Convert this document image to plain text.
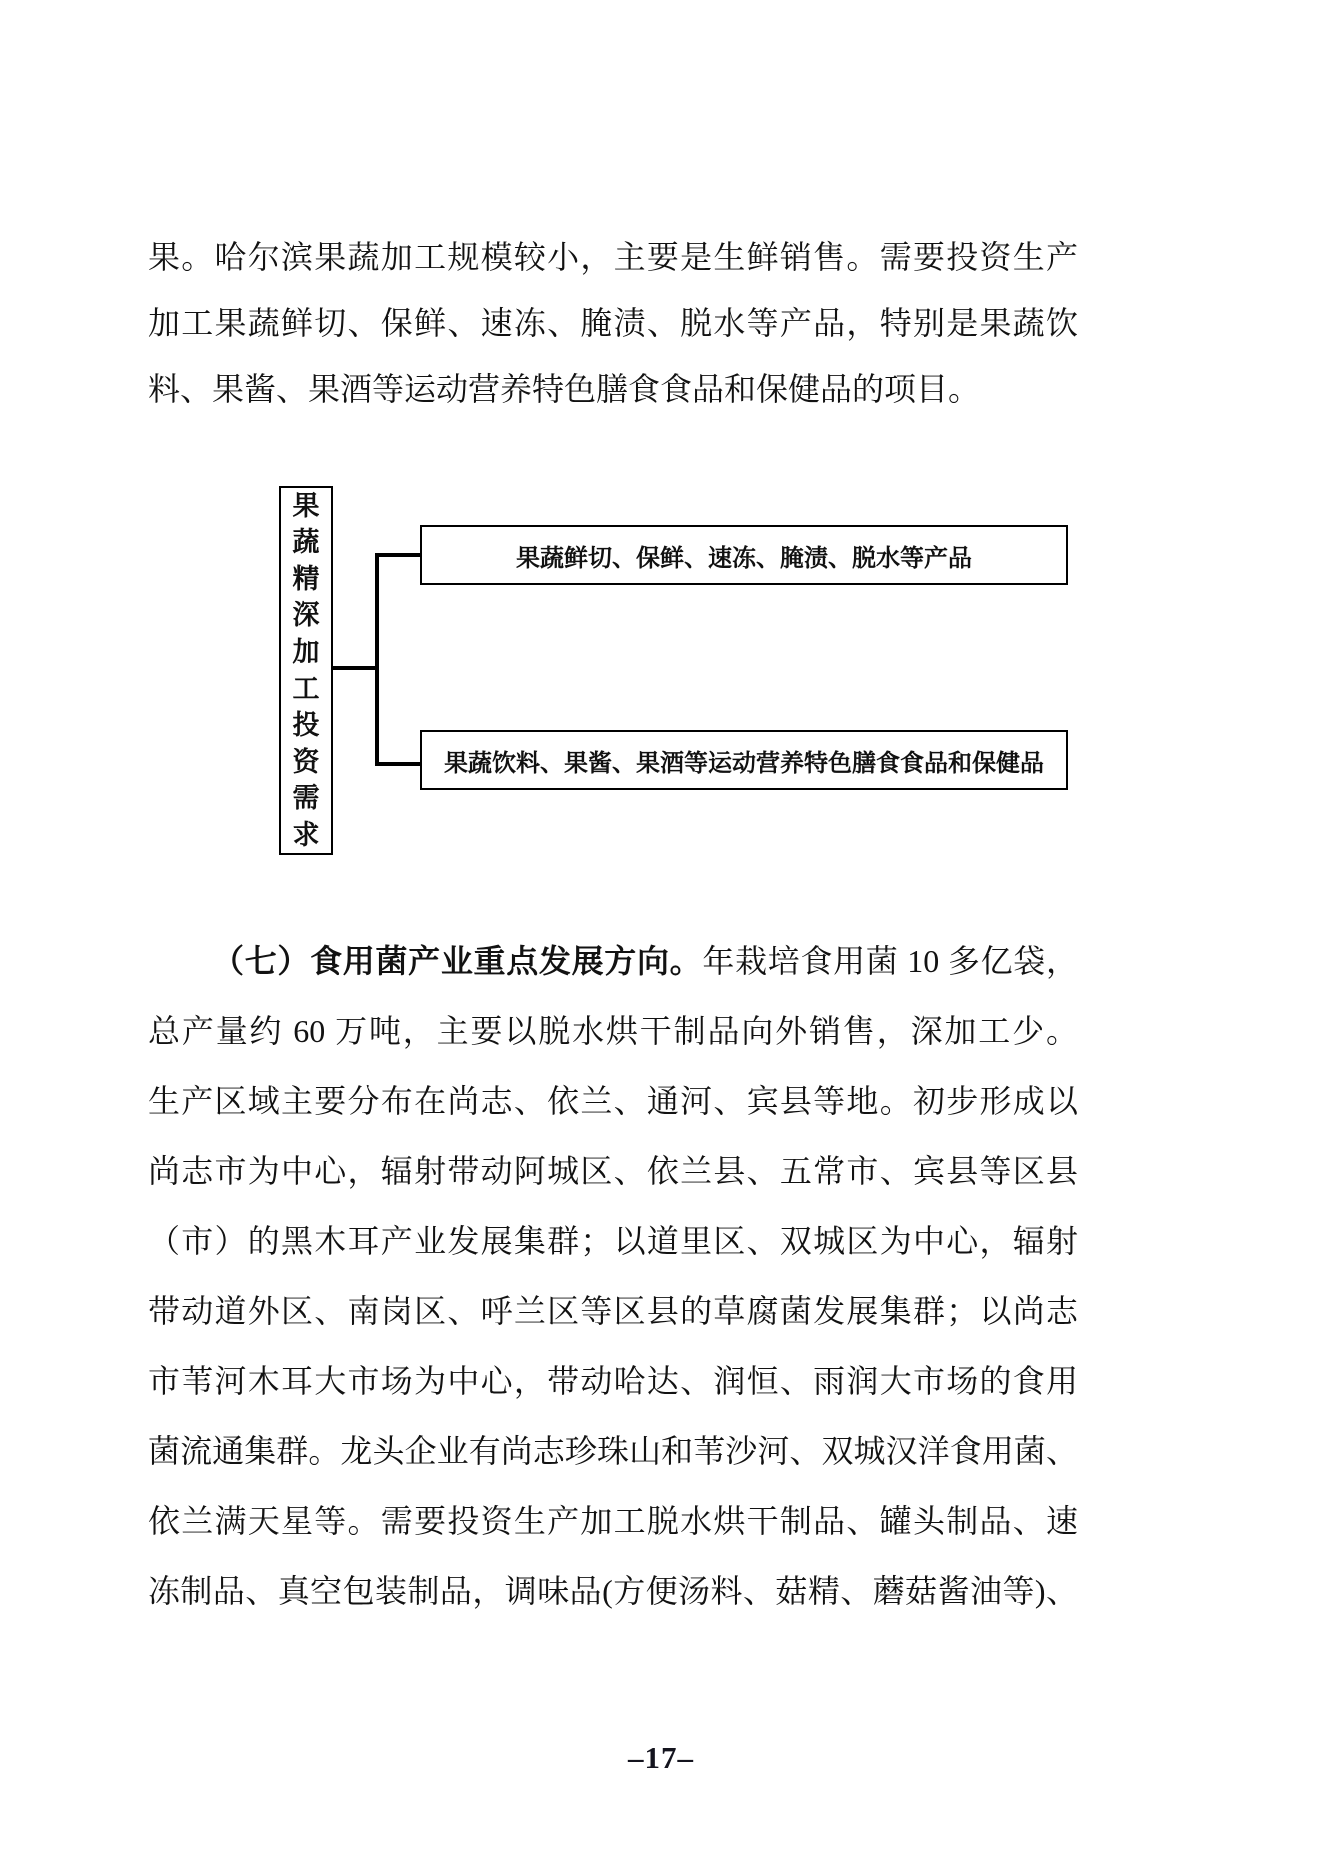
果。哈尔滨果蔬加工规模较小，主要是生鲜销售。需要投资生产
加工果蔬鲜切、保鲜、速冻、腌渍、脱水等产品，特别是果蔬饮
料、果酱、果酒等运动营养特色膳食食品和保健品的项目。
果蔬精深加工投资需求
果蔬鲜切、保鲜、速冻、腌渍、脱水等产品
果蔬饮料、果酱、果酒等运动营养特色膳食食品和保健品
（七）食用菌产业重点发展方向。年栽培食用菌 10 多亿袋，
总产量约 60 万吨，主要以脱水烘干制品向外销售，深加工少。
生产区域主要分布在尚志、依兰、通河、宾县等地。初步形成以
尚志市为中心，辐射带动阿城区、依兰县、五常市、宾县等区县
（市）的黑木耳产业发展集群；以道里区、双城区为中心，辐射
带动道外区、南岗区、呼兰区等区县的草腐菌发展集群；以尚志
市苇河木耳大市场为中心，带动哈达、润恒、雨润大市场的食用
菌流通集群。龙头企业有尚志珍珠山和苇沙河、双城汉洋食用菌、
依兰满天星等。需要投资生产加工脱水烘干制品、罐头制品、速
冻制品、真空包装制品，调味品(方便汤料、菇精、蘑菇酱油等)、
–17–
